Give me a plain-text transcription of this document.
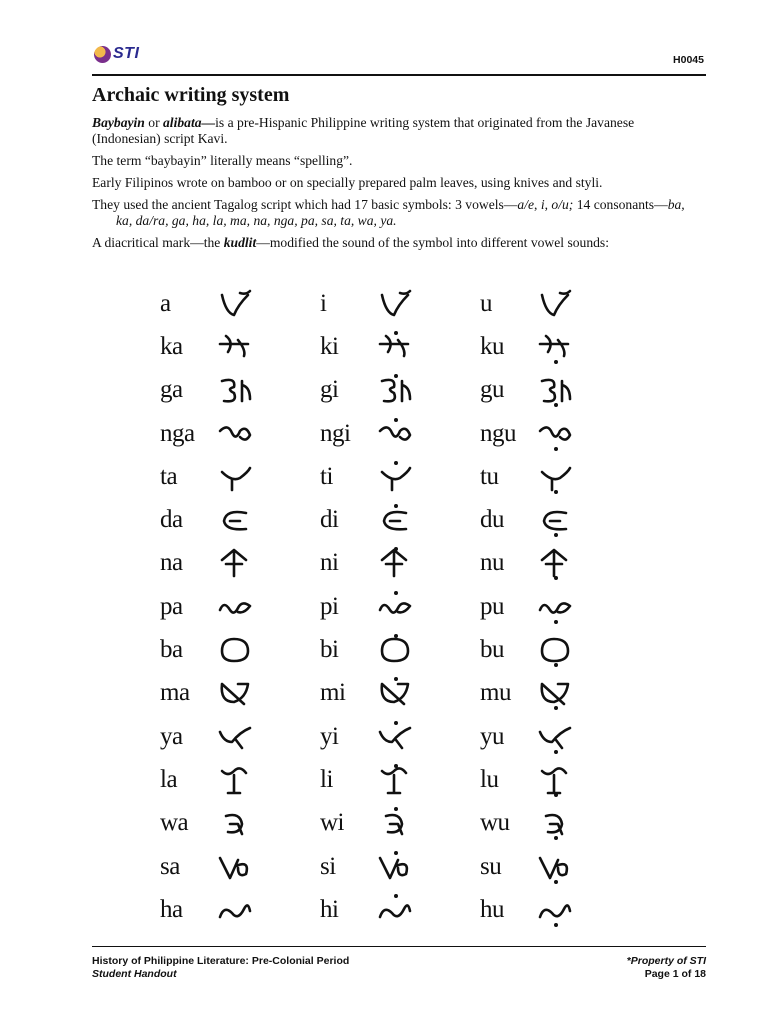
STI	H0045
Archaic writing system

Baybayin or alibata—is a pre-Hispanic Philippine writing system that originated from the Javanese (Indonesian) script Kavi.

The term “baybayin” literally means “spelling”.

Early Filipinos wrote on bamboo or on specially prepared palm leaves, using knives and styli.

They used the ancient Tagalog script which had 17 basic symbols: 3 vowels—a/e, i, o/u; 14 consonants—ba, ka, da/ra, ga, ha, la, ma, na, nga, pa, sa, ta, wa, ya.

A diacritical mark—the kudlit—modified the sound of the symbol into different vowel sounds:

a	i	u
ka	ki	ku
ga	gi	gu
nga	ngi	ngu
ta	ti	tu
da	di	du
na	ni	nu
pa	pi	pu
ba	bi	bu
ma	mi	mu
ya	yi	yu
la	li	lu
wa	wi	wu
sa	si	su
ha	hi	hu
History of Philippine Literature: Pre-Colonial Period
Student Handout
*Property of STI
Page 1 of 18
